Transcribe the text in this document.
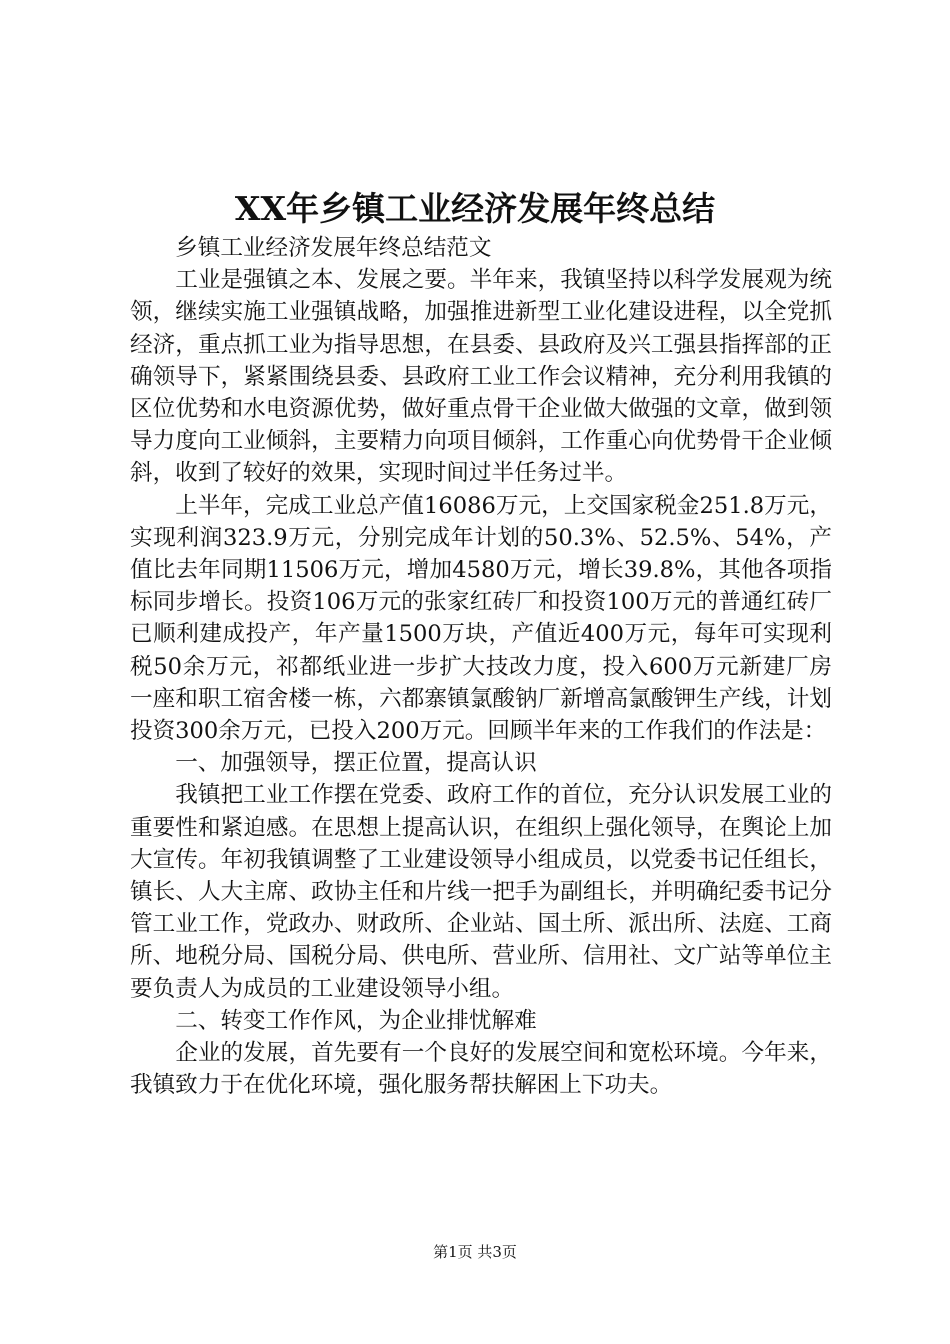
XX年乡镇工业经济发展年终总结

乡镇工业经济发展年终总结范文

工业是强镇之本、发展之要。半年来，我镇坚持以科学发展观为统领，继续实施工业强镇战略，加强推进新型工业化建设进程，以全党抓经济，重点抓工业为指导思想，在县委、县政府及兴工强县指挥部的正确领导下，紧紧围绕县委、县政府工业工作会议精神，充分利用我镇的区位优势和水电资源优势，做好重点骨干企业做大做强的文章，做到领导力度向工业倾斜，主要精力向项目倾斜，工作重心向优势骨干企业倾斜，收到了较好的效果，实现时间过半任务过半。

上半年，完成工业总产值16086万元，上交国家税金251.8万元，实现利润323.9万元，分别完成年计划的50.3%、52.5%、54%，产值比去年同期11506万元，增加4580万元，增长39.8%，其他各项指标同步增长。投资106万元的张家红砖厂和投资100万元的普通红砖厂已顺利建成投产，年产量1500万块，产值近400万元，每年可实现利税50余万元，祁都纸业进一步扩大技改力度，投入600万元新建厂房一座和职工宿舍楼一栋，六都寨镇氯酸钠厂新增高氯酸钾生产线，计划投资300余万元，已投入200万元。回顾半年来的工作我们的作法是：

一、加强领导，摆正位置，提高认识

我镇把工业工作摆在党委、政府工作的首位，充分认识发展工业的重要性和紧迫感。在思想上提高认识，在组织上强化领导，在舆论上加大宣传。年初我镇调整了工业建设领导小组成员，以党委书记任组长，镇长、人大主席、政协主任和片线一把手为副组长，并明确纪委书记分管工业工作，党政办、财政所、企业站、国土所、派出所、法庭、工商所、地税分局、国税分局、供电所、营业所、信用社、文广站等单位主要负责人为成员的工业建设领导小组。

二、转变工作作风，为企业排忧解难

企业的发展，首先要有一个良好的发展空间和宽松环境。今年来，我镇致力于在优化环境，强化服务帮扶解困上下功夫。

第1页 共3页
